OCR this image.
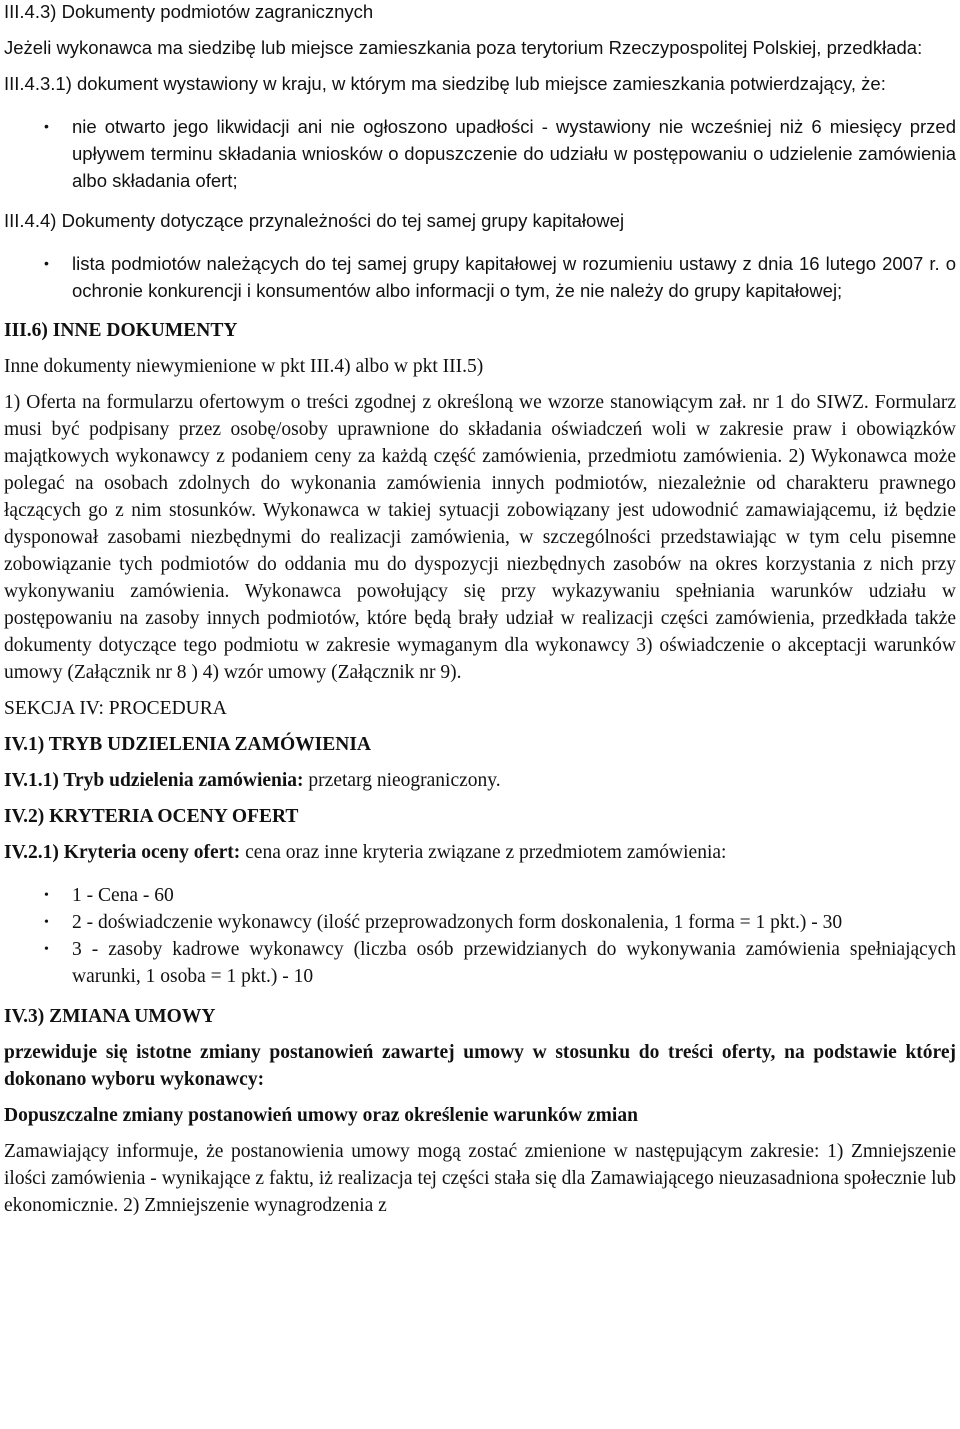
III.4.3) Dokumenty podmiotów zagranicznych

Jeżeli wykonawca ma siedzibę lub miejsce zamieszkania poza terytorium Rzeczypospolitej Polskiej, przedkłada:

III.4.3.1) dokument wystawiony w kraju, w którym ma siedzibę lub miejsce zamieszkania potwierdzający, że:

• nie otwarto jego likwidacji ani nie ogłoszono upadłości - wystawiony nie wcześniej niż 6 miesięcy przed upływem terminu składania wniosków o dopuszczenie do udziału w postępowaniu o udzielenie zamówienia albo składania ofert;

III.4.4) Dokumenty dotyczące przynależności do tej samej grupy kapitałowej

• lista podmiotów należących do tej samej grupy kapitałowej w rozumieniu ustawy z dnia 16 lutego 2007 r. o ochronie konkurencji i konsumentów albo informacji o tym, że nie należy do grupy kapitałowej;

III.6) INNE DOKUMENTY

Inne dokumenty niewymienione w pkt III.4) albo w pkt III.5)

1) Oferta na formularzu ofertowym o treści zgodnej z określoną we wzorze stanowiącym zał. nr 1 do SIWZ. Formularz musi być podpisany przez osobę/osoby uprawnione do składania oświadczeń woli w zakresie praw i obowiązków majątkowych wykonawcy z podaniem ceny za każdą część zamówienia, przedmiotu zamówienia. 2) Wykonawca może polegać na osobach zdolnych do wykonania zamówienia innych podmiotów, niezależnie od charakteru prawnego łączących go z nim stosunków. Wykonawca w takiej sytuacji zobowiązany jest udowodnić zamawiającemu, iż będzie dysponował zasobami niezbędnymi do realizacji zamówienia, w szczególności przedstawiając w tym celu pisemne zobowiązanie tych podmiotów do oddania mu do dyspozycji niezbędnych zasobów na okres korzystania z nich przy wykonywaniu zamówienia. Wykonawca powołujący się przy wykazywaniu spełniania warunków udziału w postępowaniu na zasoby innych podmiotów, które będą brały udział w realizacji części zamówienia, przedkłada także dokumenty dotyczące tego podmiotu w zakresie wymaganym dla wykonawcy 3) oświadczenie o akceptacji warunków umowy (Załącznik nr 8 ) 4) wzór umowy (Załącznik nr 9).

SEKCJA IV: PROCEDURA

IV.1) TRYB UDZIELENIA ZAMÓWIENIA

IV.1.1) Tryb udzielenia zamówienia: przetarg nieograniczony.

IV.2) KRYTERIA OCENY OFERT

IV.2.1) Kryteria oceny ofert: cena oraz inne kryteria związane z przedmiotem zamówienia:

• 1 - Cena - 60
• 2 - doświadczenie wykonawcy (ilość przeprowadzonych form doskonalenia, 1 forma = 1 pkt.) - 30
• 3 - zasoby kadrowe wykonawcy (liczba osób przewidzianych do wykonywania zamówienia spełniających warunki, 1 osoba = 1 pkt.) - 10

IV.3) ZMIANA UMOWY

przewiduje się istotne zmiany postanowień zawartej umowy w stosunku do treści oferty, na podstawie której dokonano wyboru wykonawcy:

Dopuszczalne zmiany postanowień umowy oraz określenie warunków zmian

Zamawiający informuje, że postanowienia umowy mogą zostać zmienione w następującym zakresie: 1) Zmniejszenie ilości zamówienia - wynikające z faktu, iż realizacja tej części stała się dla Zamawiającego nieuzasadniona społecznie lub ekonomicznie. 2) Zmniejszenie wynagrodzenia z
